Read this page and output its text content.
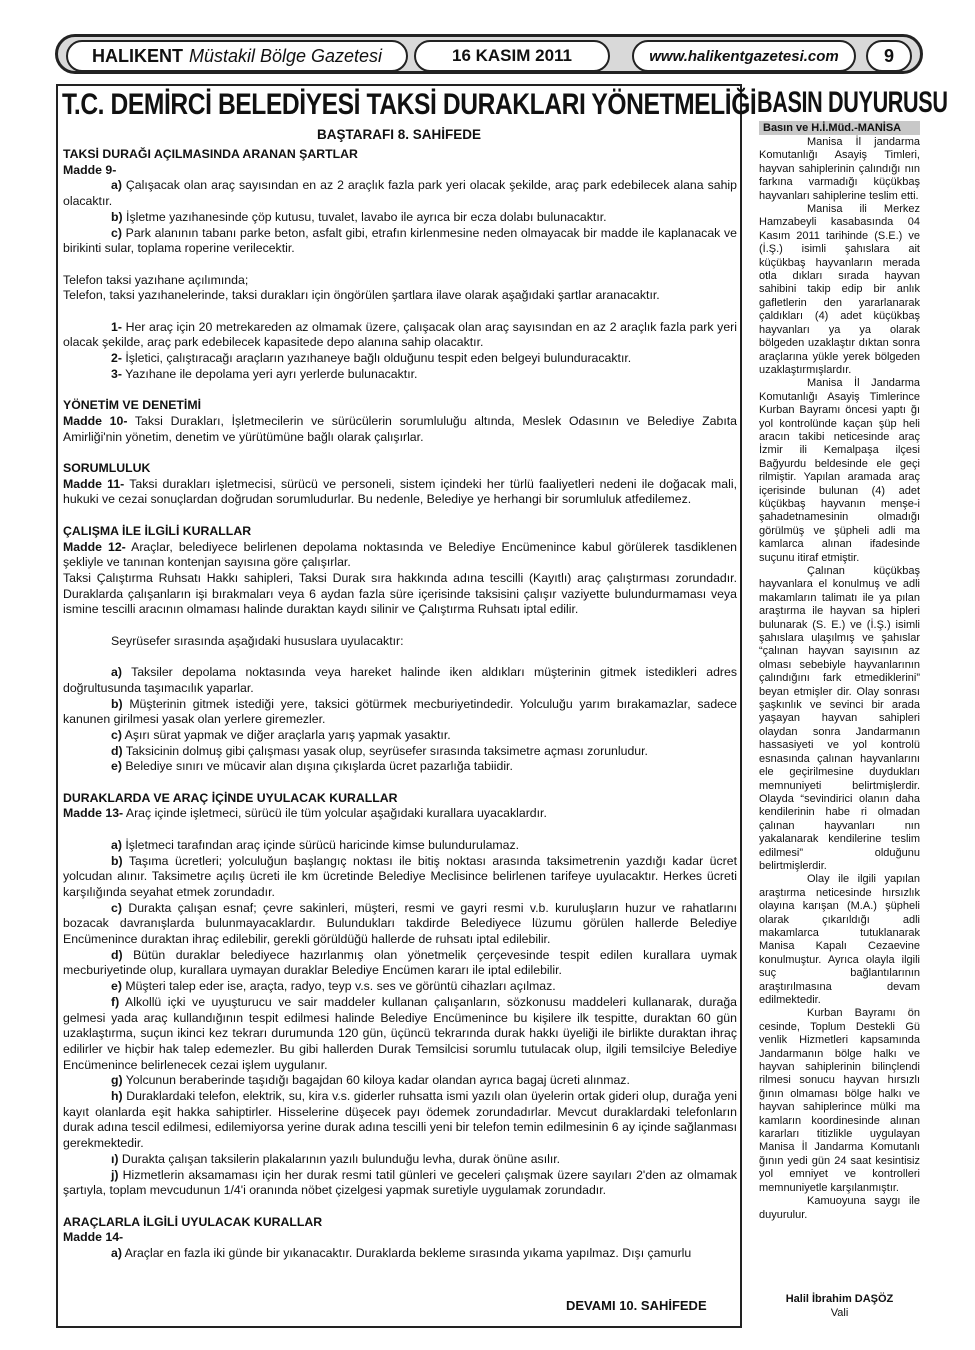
HALIKENT Müstakil Bölge Gazetesi	16 KASIM 2011	www.halikentgazetesi.com	9
T.C. DEMİRCİ BELEDİYESİ TAKSİ DURAKLARI YÖNETMELİĞİ
BAŞTARAFI 8. SAHİFEDE

TAKSİ DURAĞI AÇILMASINDA ARANAN ŞARTLAR

Madde 9-

a) Çalışacak olan araç sayısından en az 2 araçlık fazla park yeri olacak şekilde, araç park edebilecek alana sahip olacaktır.

b) İşletme yazıhanesinde çöp kutusu, tuvalet, lavabo ile ayrıca bir ecza dolabı bulunacaktır.

c) Park alanının tabanı parke beton, asfalt gibi, etrafın kirlenmesine neden olmayacak bir madde ile kaplanacak ve birikinti sular, toplama roperine verilecektir.

Telefon taksi yazıhane açılımında;

Telefon, taksi yazıhanelerinde, taksi durakları için öngörülen şartlara ilave olarak aşağıdaki şartlar aranacaktır.

1- Her araç için 20 metrekareden az olmamak üzere, çalışacak olan araç sayısından en az 2 araçlık fazla park yeri olacak şekilde, araç park edebilecek kapasitede depo alanına sahip olacaktır.

2- İşletici, çalıştıracağı araçların yazıhaneye bağlı olduğunu tespit eden belgeyi bulunduracaktır.

3- Yazıhane ile depolama yeri ayrı yerlerde bulunacaktır.

YÖNETİM VE DENETİMİ

Madde 10- Taksi Durakları, İşletmecilerin ve sürücülerin sorumluluğu altında, Meslek Odasının ve Belediye Zabıta Amirliği'nin yönetim, denetim ve yürütümüne bağlı olarak çalışırlar.

SORUMLULUK

Madde 11- Taksi durakları işletmecisi, sürücü ve personeli, sistem içindeki her türlü faaliyetleri nedeni ile doğacak mali, hukuki ve cezai sonuçlardan doğrudan sorumludurlar. Bu nedenle, Belediye ye herhangi bir sorumluluk atfedilemez.

ÇALIŞMA İLE İLGİLİ KURALLAR

Madde 12- Araçlar, belediyece belirlenen depolama noktasında ve Belediye Encümenince kabul görülerek tasdiklenen şekliyle ve tanınan kontenjan sayısına göre çalışırlar.

Taksi Çalıştırma Ruhsatı Hakkı sahipleri, Taksi Durak sıra hakkında adına tescilli (Kayıtlı) araç çalıştırması zorundadır. Duraklarda çalışanların işi bırakmaları veya 6 aydan fazla süre içerisinde taksisini çalışır vaziyette bulundurmaması veya ismine tescilli aracının olmaması halinde duraktan kaydı silinir ve Çalıştırma Ruhsatı iptal edilir.

Seyrüsefer sırasında aşağıdaki hususlara uyulacaktır:

a) Taksiler depolama noktasında veya hareket halinde iken aldıkları müşterinin gitmek istedikleri adres doğrultusunda taşımacılık yaparlar.

b) Müşterinin gitmek istediği yere, taksici götürmek mecburiyetindedir. Yolculuğu yarım bırakamazlar, sadece kanunen girilmesi yasak olan yerlere giremezler.

c) Aşırı sürat yapmak ve diğer araçlarla yarış yapmak yasaktır.

d) Taksicinin dolmuş gibi çalışması yasak olup, seyrüsefer sırasında taksimetre açması zorunludur.

e) Belediye sınırı ve mücavir alan dışına çıkışlarda ücret pazarlığa tabiidir.

DURAKLARDA VE ARAÇ İÇİNDE UYULACAK KURALLAR

Madde 13- Araç içinde işletmeci, sürücü ile tüm yolcular aşağıdaki kurallara uyacaklardır.

a) İşletmeci tarafından araç içinde sürücü haricinde kimse bulundurulamaz.

b) Taşıma ücretleri; yolculuğun başlangıç noktası ile bitiş noktası arasında taksimetrenin yazdığı kadar ücret yolcudan alınır. Taksimetre açılış ücreti ile km ücretinde Belediye Meclisince belirlenen tarifeye uyulacaktır. Herkes ücreti karşılığında seyahat etmek zorundadır.

c) Durakta çalışan esnaf; çevre sakinleri, müşteri, resmi ve gayri resmi v.b. kuruluşların huzur ve rahatlarını bozacak davranışlarda bulunmayacaklardır. Bulundukları takdirde Belediyece lüzumu görülen hallerde Belediye Encümenince duraktan ihraç edilebilir, gerekli görüldüğü hallerde de ruhsatı iptal edilebilir.

d) Bütün duraklar belediyece hazırlanmış olan yönetmelik çerçevesinde tespit edilen kurallara uymak mecburiyetinde olup, kurallara uymayan duraklar Belediye Encümen kararı ile iptal edilebilir.

e) Müşteri talep eder ise, araçta, radyo, teyp v.s. ses ve görüntü cihazları açılmaz.

f) Alkollü içki ve uyuşturucu ve sair maddeler kullanan çalışanların, sözkonusu maddeleri kullanarak, durağa gelmesi yada araç kullandığının tespit edilmesi halinde Belediye Encümenince bu kişilere ilk tespitte, duraktan 60 gün uzaklaştırma, suçun ikinci kez tekrarı durumunda 120 gün, üçüncü tekrarında durak hakkı üyeliği ile birlikte duraktan ihraç edilirler ve hiçbir hak talep edemezler. Bu gibi hallerden Durak Temsilcisi sorumlu tutulacak olup, ilgili temsilciye Belediye Encümenince belirlenecek cezai işlem uygulanır.

g) Yolcunun beraberinde taşıdığı bagajdan 60 kiloya kadar olandan ayrıca bagaj ücreti alınmaz.

h) Duraklardaki telefon, elektrik, su, kira v.s. giderler ruhsatta ismi yazılı olan üyelerin ortak gideri olup, durağa yeni kayıt olanlarda eşit hakka sahiptirler. Hisselerine düşecek payı ödemek zorundadırlar. Mevcut duraklardaki telefonların durak adına tescil edilmesi, edilemiyorsa yerine durak adına tescilli yeni bir telefon temin edilmesinin 6 ay içinde sağlanması gerekmektedir.

ı) Durakta çalışan taksilerin plakalarının yazılı bulunduğu levha, durak önüne asılır.

j) Hizmetlerin aksamaması için her durak resmi tatil günleri ve geceleri çalışmak üzere sayıları 2'den az olmamak şartıyla, toplam mevcudunun 1/4'i oranında nöbet çizelgesi yapmak suretiyle uygulamak zorundadır.

ARAÇLARLA İLGİLİ UYULACAK KURALLAR

Madde 14-

a) Araçlar en fazla iki günde bir yıkanacaktır. Duraklarda bekleme sırasında yıkama yapılmaz. Dışı çamurlu

DEVAMI 10. SAHİFEDE
BASIN DUYURUSU
Basın ve H.İ.Müd.-MANİSA

Manisa İl jandarma Komutanlığı Asayiş Timleri, hayvan sahiplerinin çalındığı nın farkına varmadığı küçükbaş hayvanları sahiplerine teslim etti.

Manisa ili Merkez Hamzabeyli kasabasında 04 Kasım 2011 tarihinde (S.E.) ve (İ.Ş.) isimli şahıslara ait küçükbaş hayvanların merada otla dıkları sırada hayvan sahibini takip edip bir anlık gafletlerin den yararlanarak çaldıkları (4) adet küçükbaş hayvanları ya ya olarak bölgeden uzaklaştır dıktan sonra araçlarına yükle yerek bölgeden uzaklaştırmışlardır.

Manisa İl Jandarma Komutanlığı Asayiş Timlerince Kurban Bayramı öncesi yaptı ğı yol kontrolünde kaçan şüp heli aracın takibi neticesinde araç İzmir ili Kemalpaşa ilçesi Bağyurdu beldesinde ele geçi rilmiştir. Yapılan aramada araç içerisinde bulunan (4) adet küçükbaş hayvanın menşe-i şahadetnamesinin olmadığı görülmüş ve şüpheli adli ma kamlarca alınan ifadesinde suçunu itiraf etmiştir.

Çalınan küçükbaş hayvanlara el konulmuş ve adli makamların talimatı ile ya pılan araştırma ile hayvan sa hipleri bulunarak (S. E.) ve (İ.Ş.) isimli şahıslara ulaşılmış ve şahıslar “çalınan hayvan sayısının az olması sebebiyle hayvanlarının çalındığını fark etmediklerini” beyan etmişler dir. Olay sonrası şaşkınlık ve sevinci bir arada yaşayan hayvan sahipleri olaydan sonra Jandarmanın hassasiyeti ve yol kontrolü esnasında çalınan hayvanlarını ele geçirilmesine duydukları memnuniyeti belirtmişlerdir. Olayda “sevindirici olanın daha kendilerinin habe ri olmadan çalınan hayvanları nın yakalanarak kendilerine teslim edilmesi” olduğunu belirtmişlerdir.

Olay ile ilgili yapılan araştırma neticesinde hırsızlık olayına karışan (M.A.) şüpheli olarak çıkarıldığı adli makamlarca tutuklanarak Manisa Kapalı Cezaevine konulmuştur. Ayrıca olayla ilgili suç bağlantılarının araştırılmasına devam edilmektedir.

Kurban Bayramı ön cesinde, Toplum Destekli Gü venlik Hizmetleri kapsamında Jandarmanın bölge halkı ve hayvan sahiplerinin bilinçlendi rilmesi sonucu hayvan hırsızlı ğının olmaması bölge halkı ve hayvan sahiplerince mülki ma kamların koordinesinde alınan kararları titizlikle uygulayan Manisa İl Jandarma Komutanlı ğının yedi gün 24 saat kesintisiz yol emniyet ve kontrolleri memnuniyetle karşılanmıştır.

Kamuoyuna saygı ile duyurulur.

Halil İbrahim DAŞÖZ
Vali
